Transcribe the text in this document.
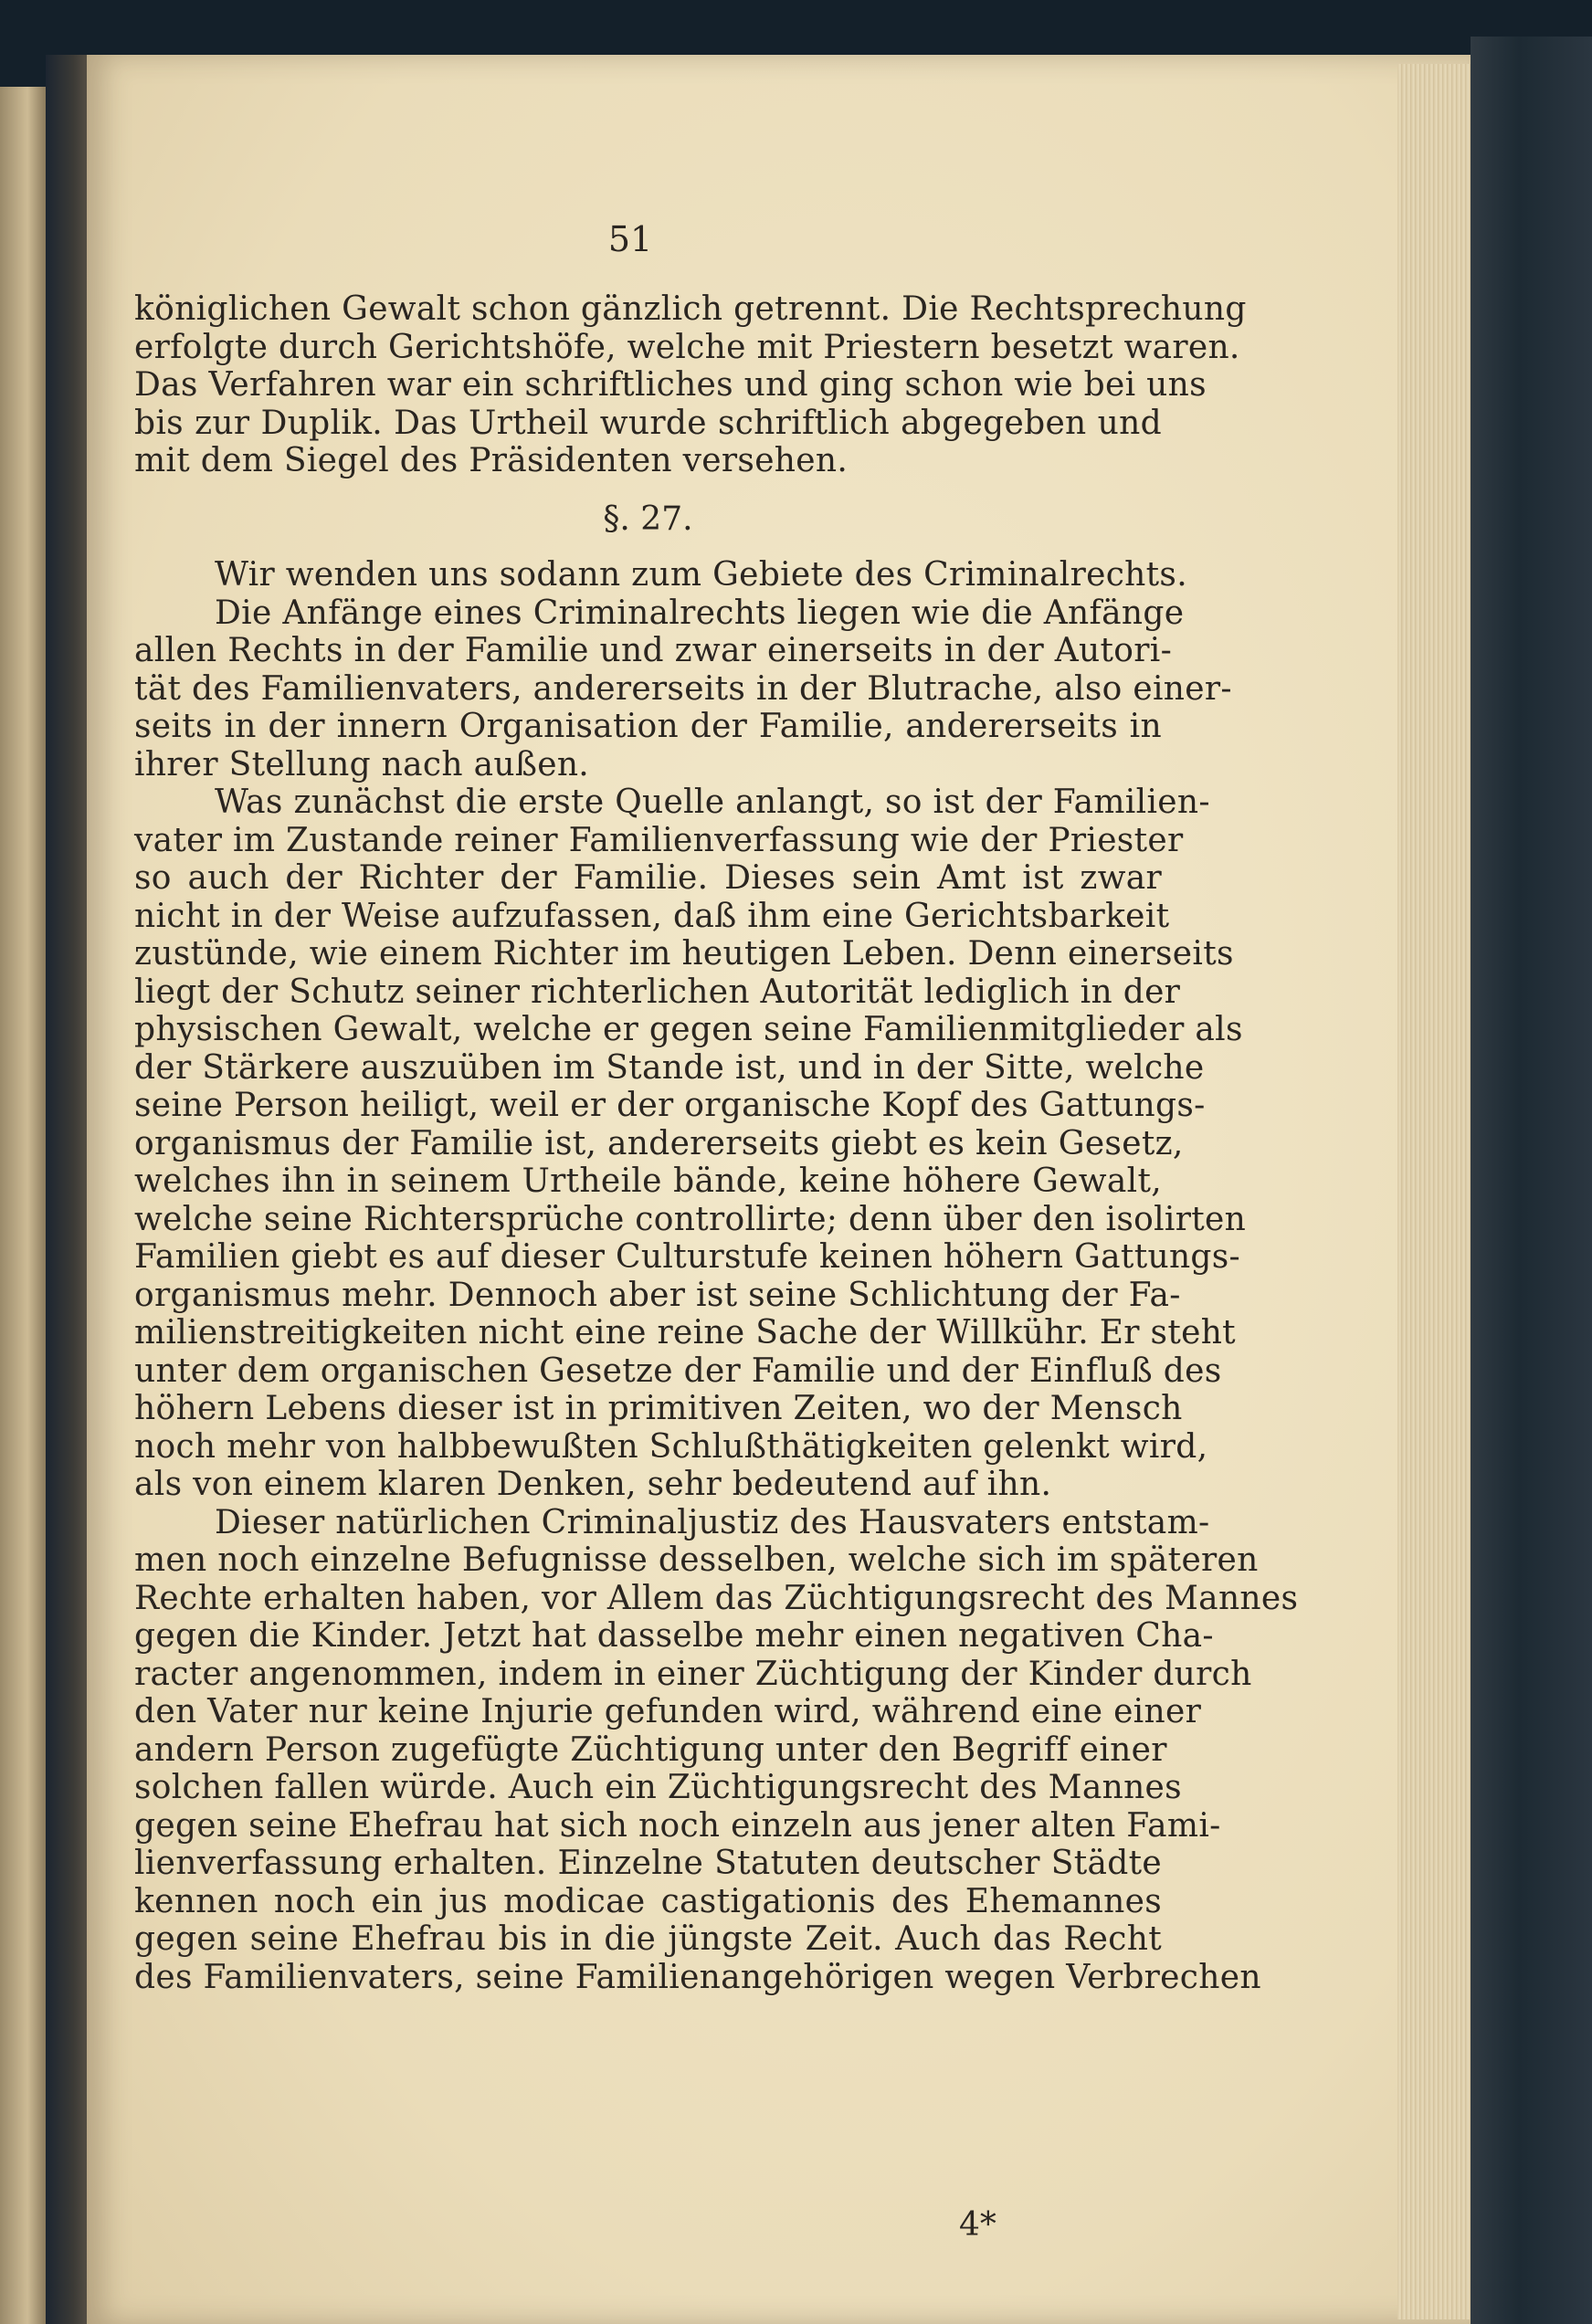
51

königlichen Gewalt schon gänzlich getrennt. Die Rechtsprechung
erfolgte durch Gerichtshöfe, welche mit Priestern besetzt waren.
Das Verfahren war ein schriftliches und ging schon wie bei uns
bis zur Duplik. Das Urtheil wurde schriftlich abgegeben und
mit dem Siegel des Präsidenten versehen.

§. 27.

Wir wenden uns sodann zum Gebiete des Criminalrechts.

Die Anfänge eines Criminalrechts liegen wie die Anfänge
allen Rechts in der Familie und zwar einerseits in der Autori-
tät des Familienvaters, andererseits in der Blutrache, also einer-
seits in der innern Organisation der Familie, andererseits in
ihrer Stellung nach außen.

Was zunächst die erste Quelle anlangt, so ist der Familien-
vater im Zustande reiner Familienverfassung wie der Priester
so auch der Richter der Familie. Dieses sein Amt ist zwar
nicht in der Weise aufzufassen, daß ihm eine Gerichtsbarkeit
zustünde, wie einem Richter im heutigen Leben. Denn einerseits
liegt der Schutz seiner richterlichen Autorität lediglich in der
physischen Gewalt, welche er gegen seine Familienmitglieder als
der Stärkere auszuüben im Stande ist, und in der Sitte, welche
seine Person heiligt, weil er der organische Kopf des Gattungs-
organismus der Familie ist, andererseits giebt es kein Gesetz,
welches ihn in seinem Urtheile bände, keine höhere Gewalt,
welche seine Richtersprüche controllirte; denn über den isolirten
Familien giebt es auf dieser Culturstufe keinen höhern Gattungs-
organismus mehr. Dennoch aber ist seine Schlichtung der Fa-
milienstreitigkeiten nicht eine reine Sache der Willkühr. Er steht
unter dem organischen Gesetze der Familie und der Einfluß des
höhern Lebens dieser ist in primitiven Zeiten, wo der Mensch
noch mehr von halbbewußten Schlußthätigkeiten gelenkt wird,
als von einem klaren Denken, sehr bedeutend auf ihn.

Dieser natürlichen Criminaljustiz des Hausvaters entstam-
men noch einzelne Befugnisse desselben, welche sich im späteren
Rechte erhalten haben, vor Allem das Züchtigungsrecht des Mannes
gegen die Kinder. Jetzt hat dasselbe mehr einen negativen Cha-
racter angenommen, indem in einer Züchtigung der Kinder durch
den Vater nur keine Injurie gefunden wird, während eine einer
andern Person zugefügte Züchtigung unter den Begriff einer
solchen fallen würde. Auch ein Züchtigungsrecht des Mannes
gegen seine Ehefrau hat sich noch einzeln aus jener alten Fami-
lienverfassung erhalten. Einzelne Statuten deutscher Städte
kennen noch ein jus modicae castigationis des Ehemannes
gegen seine Ehefrau bis in die jüngste Zeit. Auch das Recht
des Familienvaters, seine Familienangehörigen wegen Verbrechen

4*
